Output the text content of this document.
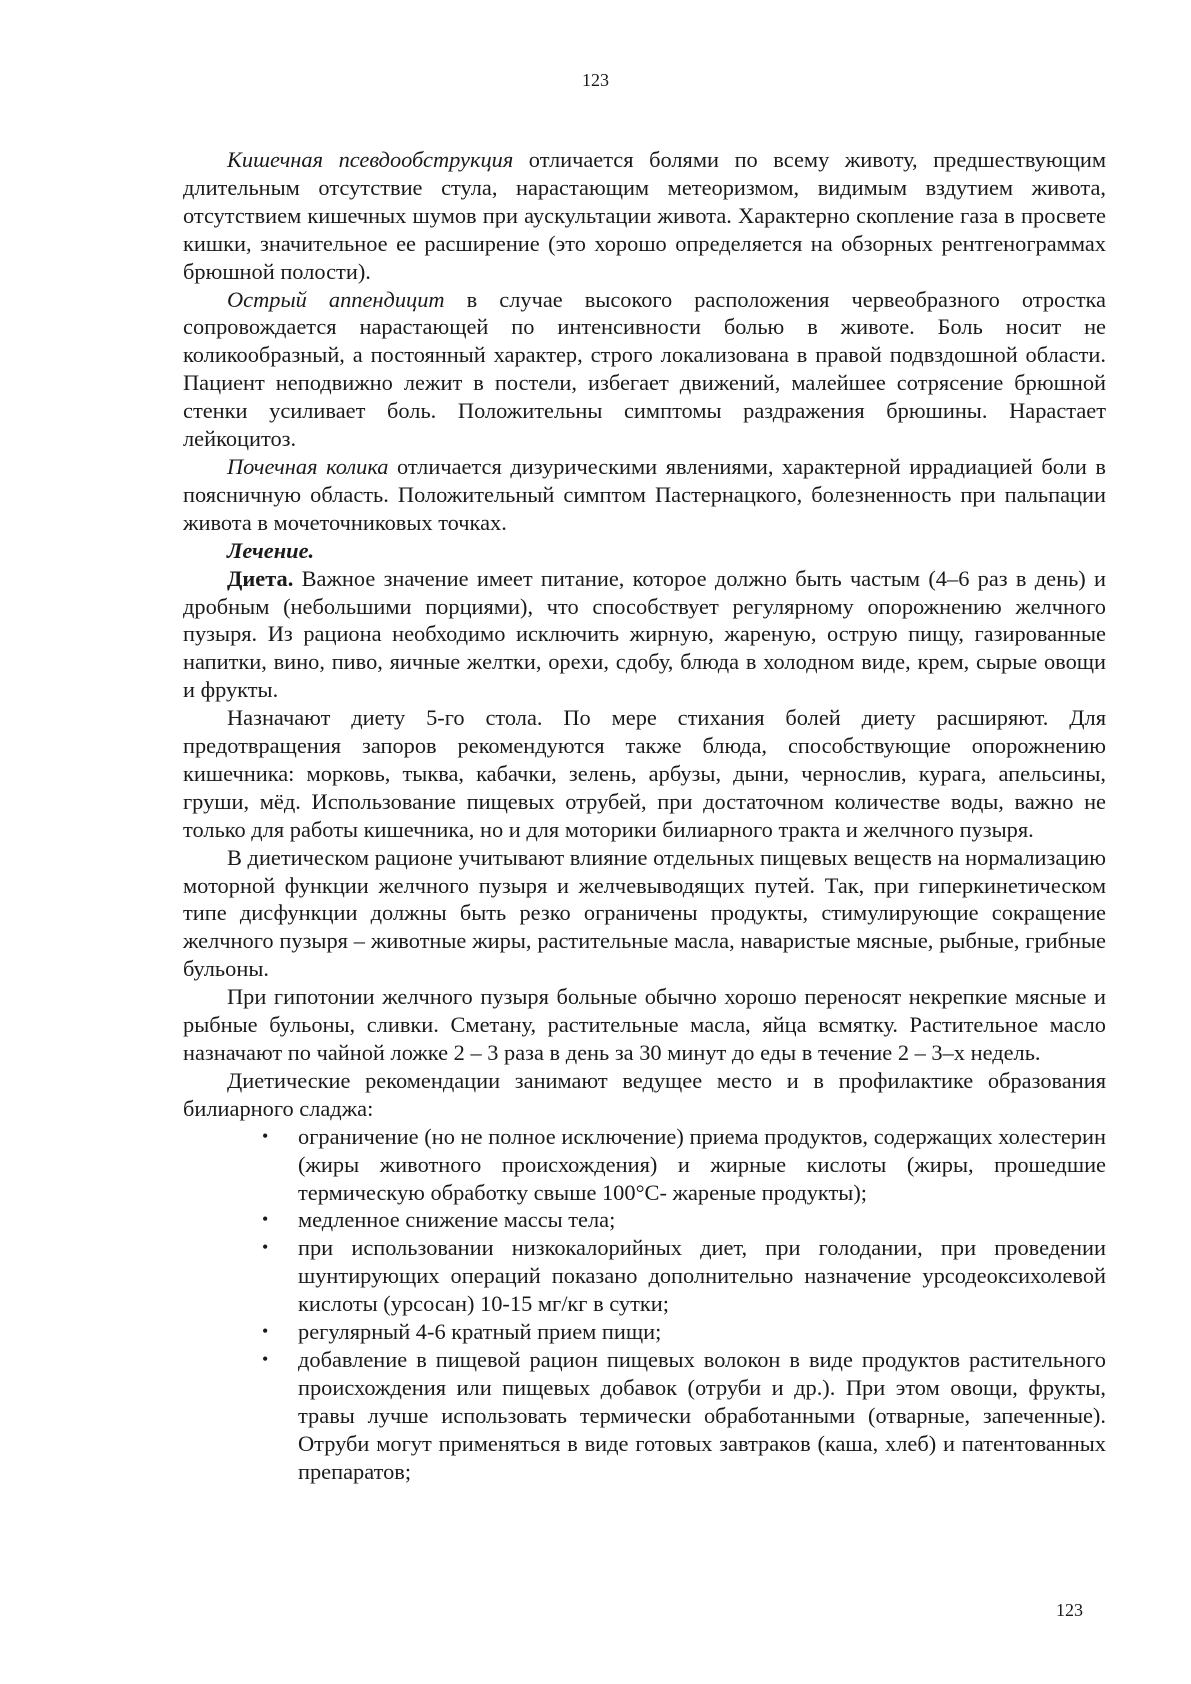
123

Кишечная псевдообструкция отличается болями по всему животу, предшествующим длительным отсутствие стула, нарастающим метеоризмом, видимым вздутием живота, отсутствием кишечных шумов при аускультации живота. Характерно скопление газа в просвете кишки, значительное ее расширение (это хорошо определяется на обзорных рентгенограммах брюшной полости).

Острый аппендицит в случае высокого расположения червеобразного отростка сопровождается нарастающей по интенсивности болью в животе. Боль носит не коликообразный, а постоянный характер, строго локализована в правой подвздошной области. Пациент неподвижно лежит в постели, избегает движений, малейшее сотрясение брюшной стенки усиливает боль. Положительны симптомы раздражения брюшины. Нарастает лейкоцитоз.

Почечная колика отличается дизурическими явлениями, характерной иррадиацией боли в поясничную область. Положительный симптом Пастернацкого, болезненность при пальпации живота в мочеточниковых точках.

Лечение.

Диета. Важное значение имеет питание, которое должно быть частым (4–6 раз в день) и дробным (небольшими порциями), что способствует регулярному опорожнению желчного пузыря. Из рациона необходимо исключить жирную, жареную, острую пищу, газированные напитки, вино, пиво, яичные желтки, орехи, сдобу, блюда в холодном виде, крем, сырые овощи и фрукты.

Назначают диету 5-го стола. По мере стихания болей диету расширяют. Для предотвращения запоров рекомендуются также блюда, способствующие опорожнению кишечника: морковь, тыква, кабачки, зелень, арбузы, дыни, чернослив, курага, апельсины, груши, мёд. Использование пищевых отрубей, при достаточном количестве воды, важно не только для работы кишечника, но и для моторики билиарного тракта и желчного пузыря.

В диетическом рационе учитывают влияние отдельных пищевых веществ на нормализацию моторной функции желчного пузыря и желчевыводящих путей. Так, при гиперкинетическом типе дисфункции должны быть резко ограничены продукты, стимулирующие сокращение желчного пузыря – животные жиры, растительные масла, наваристые мясные, рыбные, грибные бульоны.

При гипотонии желчного пузыря больные обычно хорошо переносят некрепкие мясные и рыбные бульоны, сливки. Сметану, растительные масла, яйца всмятку. Растительное масло назначают по чайной ложке 2 – 3 раза в день за 30 минут до еды в течение 2 – 3–х недель.

Диетические рекомендации занимают ведущее место и в профилактике образования билиарного сладжа:

• ограничение (но не полное исключение) приема продуктов, содержащих холестерин (жиры животного происхождения) и жирные кислоты (жиры, прошедшие термическую обработку свыше 100°С- жареные продукты);
• медленное снижение массы тела;
• при использовании низкокалорийных диет, при голодании, при проведении шунтирующих операций показано дополнительно назначение урсодеоксихолевой кислоты (урсосан) 10-15 мг/кг в сутки;
• регулярный 4-6 кратный прием пищи;
• добавление в пищевой рацион пищевых волокон в виде продуктов растительного происхождения или пищевых добавок (отруби и др.). При этом овощи, фрукты, травы лучше использовать термически обработанными (отварные, запеченные). Отруби могут применяться в виде готовых завтраков (каша, хлеб) и патентованных препаратов;
123
